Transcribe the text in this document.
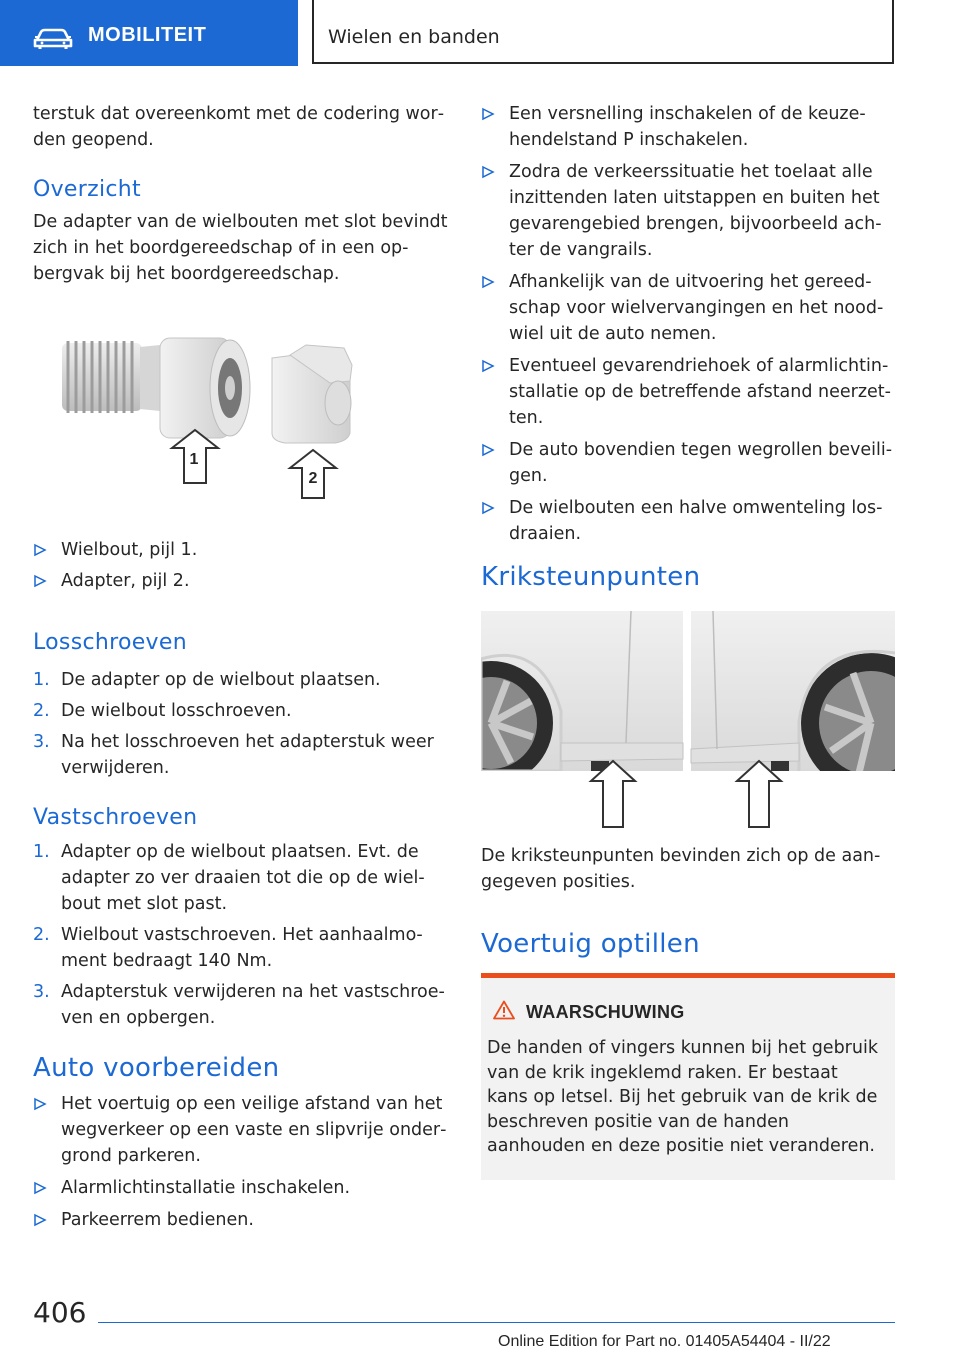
MOBILITEIT	Wielen en banden

terstuk dat overeenkomt met de codering worden geopend.

Overzicht

De adapter van de wielbouten met slot bevindt zich in het boordgereedschap of in een opbergvak bij het boordgereedschap.

1
2
Wielbout, pijl 1.
Adapter, pijl 2.
Losschroeven
1. De adapter op de wielbout plaatsen.
2. De wielbout losschroeven.
3. Na het losschroeven het adapterstuk weer verwijderen.
Vastschroeven
1. Adapter op de wielbout plaatsen. Evt. de adapter zo ver draaien tot die op de wielbout met slot past.
2. Wielbout vastschroeven. Het aanhaalmoment bedraagt 140 Nm.
3. Adapterstuk verwijderen na het vastschroeven en opbergen.
Auto voorbereiden
Het voertuig op een veilige afstand van het wegverkeer op een vaste en slipvrije ondergrond parkeren.
Alarmlichtinstallatie inschakelen.
Parkeerrem bedienen.
Een versnelling inschakelen of de keuzehendelstand P inschakelen.
Zodra de verkeerssituatie het toelaat alle inzittenden laten uitstappen en buiten het gevarengebied brengen, bijvoorbeeld achter de vangrails.
Afhankelijk van de uitvoering het gereedschap voor wielvervangingen en het noodwiel uit de auto nemen.
Eventueel gevarendriehoek of alarmlichtinstallatie op de betreffende afstand neerzetten.
De auto bovendien tegen wegrollen beveiligen.
De wielbouten een halve omwenteling losdraaien.
Kriksteunpunten

De kriksteunpunten bevinden zich op de aangegeven posities.

Voertuig optillen
WAARSCHUWING
De handen of vingers kunnen bij het gebruik van de krik ingeklemd raken. Er bestaat kans op letsel. Bij het gebruik van de krik de beschreven positie van de handen aanhouden en deze positie niet veranderen.
406
Online Edition for Part no. 01405A54404 - II/22
